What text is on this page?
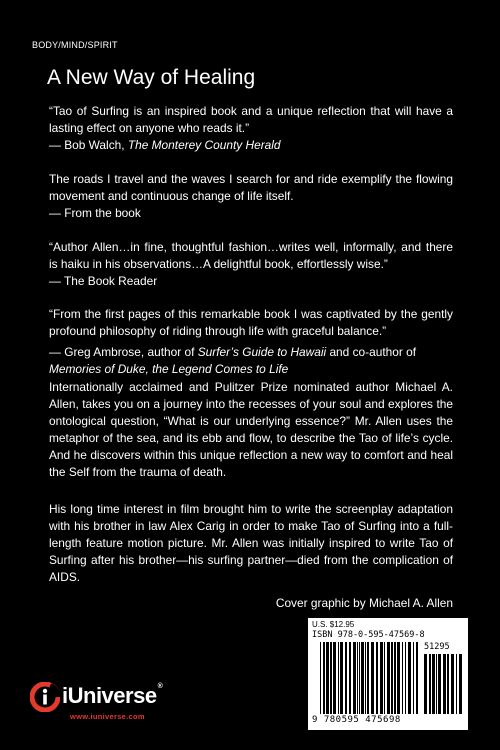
BODY/MIND/SPIRIT
A New Way of Healing

“Tao of Surfing is an inspired book and a unique reflection that will have a lasting effect on anyone who reads it.”

— Bob Walch, The Monterey County Herald

The roads I travel and the waves I search for and ride exemplify the flowing movement and continuous change of life itself.

— From the book

“Author Allen…in fine, thoughtful fashion…writes well, informally, and there is haiku in his observations…A delightful book, effortlessly wise.”

— The Book Reader

“From the first pages of this remarkable book I was captivated by the gently profound philosophy of riding through life with graceful balance.”

— Greg Ambrose, author of Surfer’s Guide to Hawaii and co-author of
Memories of Duke, the Legend Comes to Life

Internationally acclaimed and Pulitzer Prize nominated author Michael A. Allen, takes you on a journey into the recesses of your soul and explores the ontological question, “What is our underlying essence?” Mr. Allen uses the metaphor of the sea, and its ebb and flow, to describe the Tao of life’s cycle. And he discovers within this unique reflection a new way to comfort and heal the Self from the trauma of death.

His long time interest in film brought him to write the screenplay adaptation with his brother in law Alex Carig in order to make Tao of Surfing into a full-length feature motion picture. Mr. Allen was initially inspired to write Tao of Surfing after his brother—his surfing partner—died from the complication of AIDS.

Cover graphic by Michael A. Allen
U.S. $12.95
ISBN 978-0-595-47569-8
51295
9 780595 475698
iUniverse®
www.iuniverse.com
